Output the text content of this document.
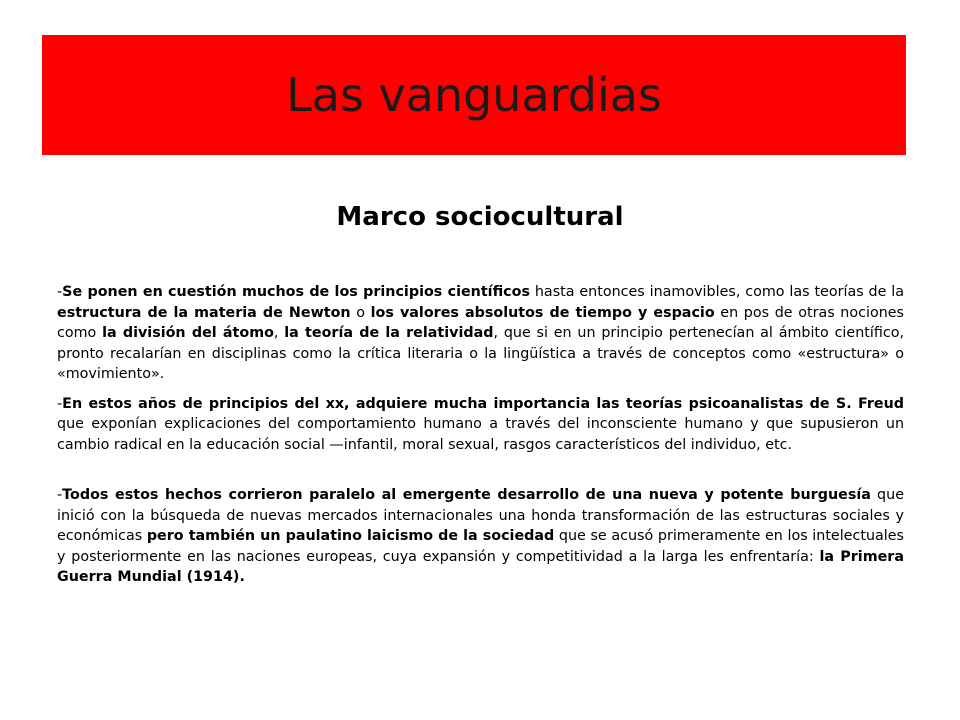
Las vanguardias
Marco sociocultural

-Se ponen en cuestión muchos de los principios científicos hasta entonces inamovibles, como las teorías de la estructura de la materia de Newton o los valores absolutos de tiempo y espacio en pos de otras nociones como la división del átomo, la teoría de la relatividad, que si en un principio pertenecían al ámbito científico, pronto recalarían en disciplinas como la crítica literaria o la lingüística a través de conceptos como «estructura» o «movimiento».

-En estos años de principios del xx, adquiere mucha importancia las teorías psicoanalistas de S. Freud que exponían explicaciones del comportamiento humano a través del inconsciente humano y que supusieron un cambio radical en la educación social —infantil, moral sexual, rasgos característicos del individuo, etc.

-Todos estos hechos corrieron paralelo al emergente desarrollo de una nueva y potente burguesía que inició con la búsqueda de nuevas mercados internacionales una honda transformación de las estructuras sociales y económicas pero también un paulatino laicismo de la sociedad que se acusó primeramente en los intelectuales y posteriormente en las naciones europeas, cuya expansión y competitividad a la larga les enfrentaría: la Primera Guerra Mundial (1914).
